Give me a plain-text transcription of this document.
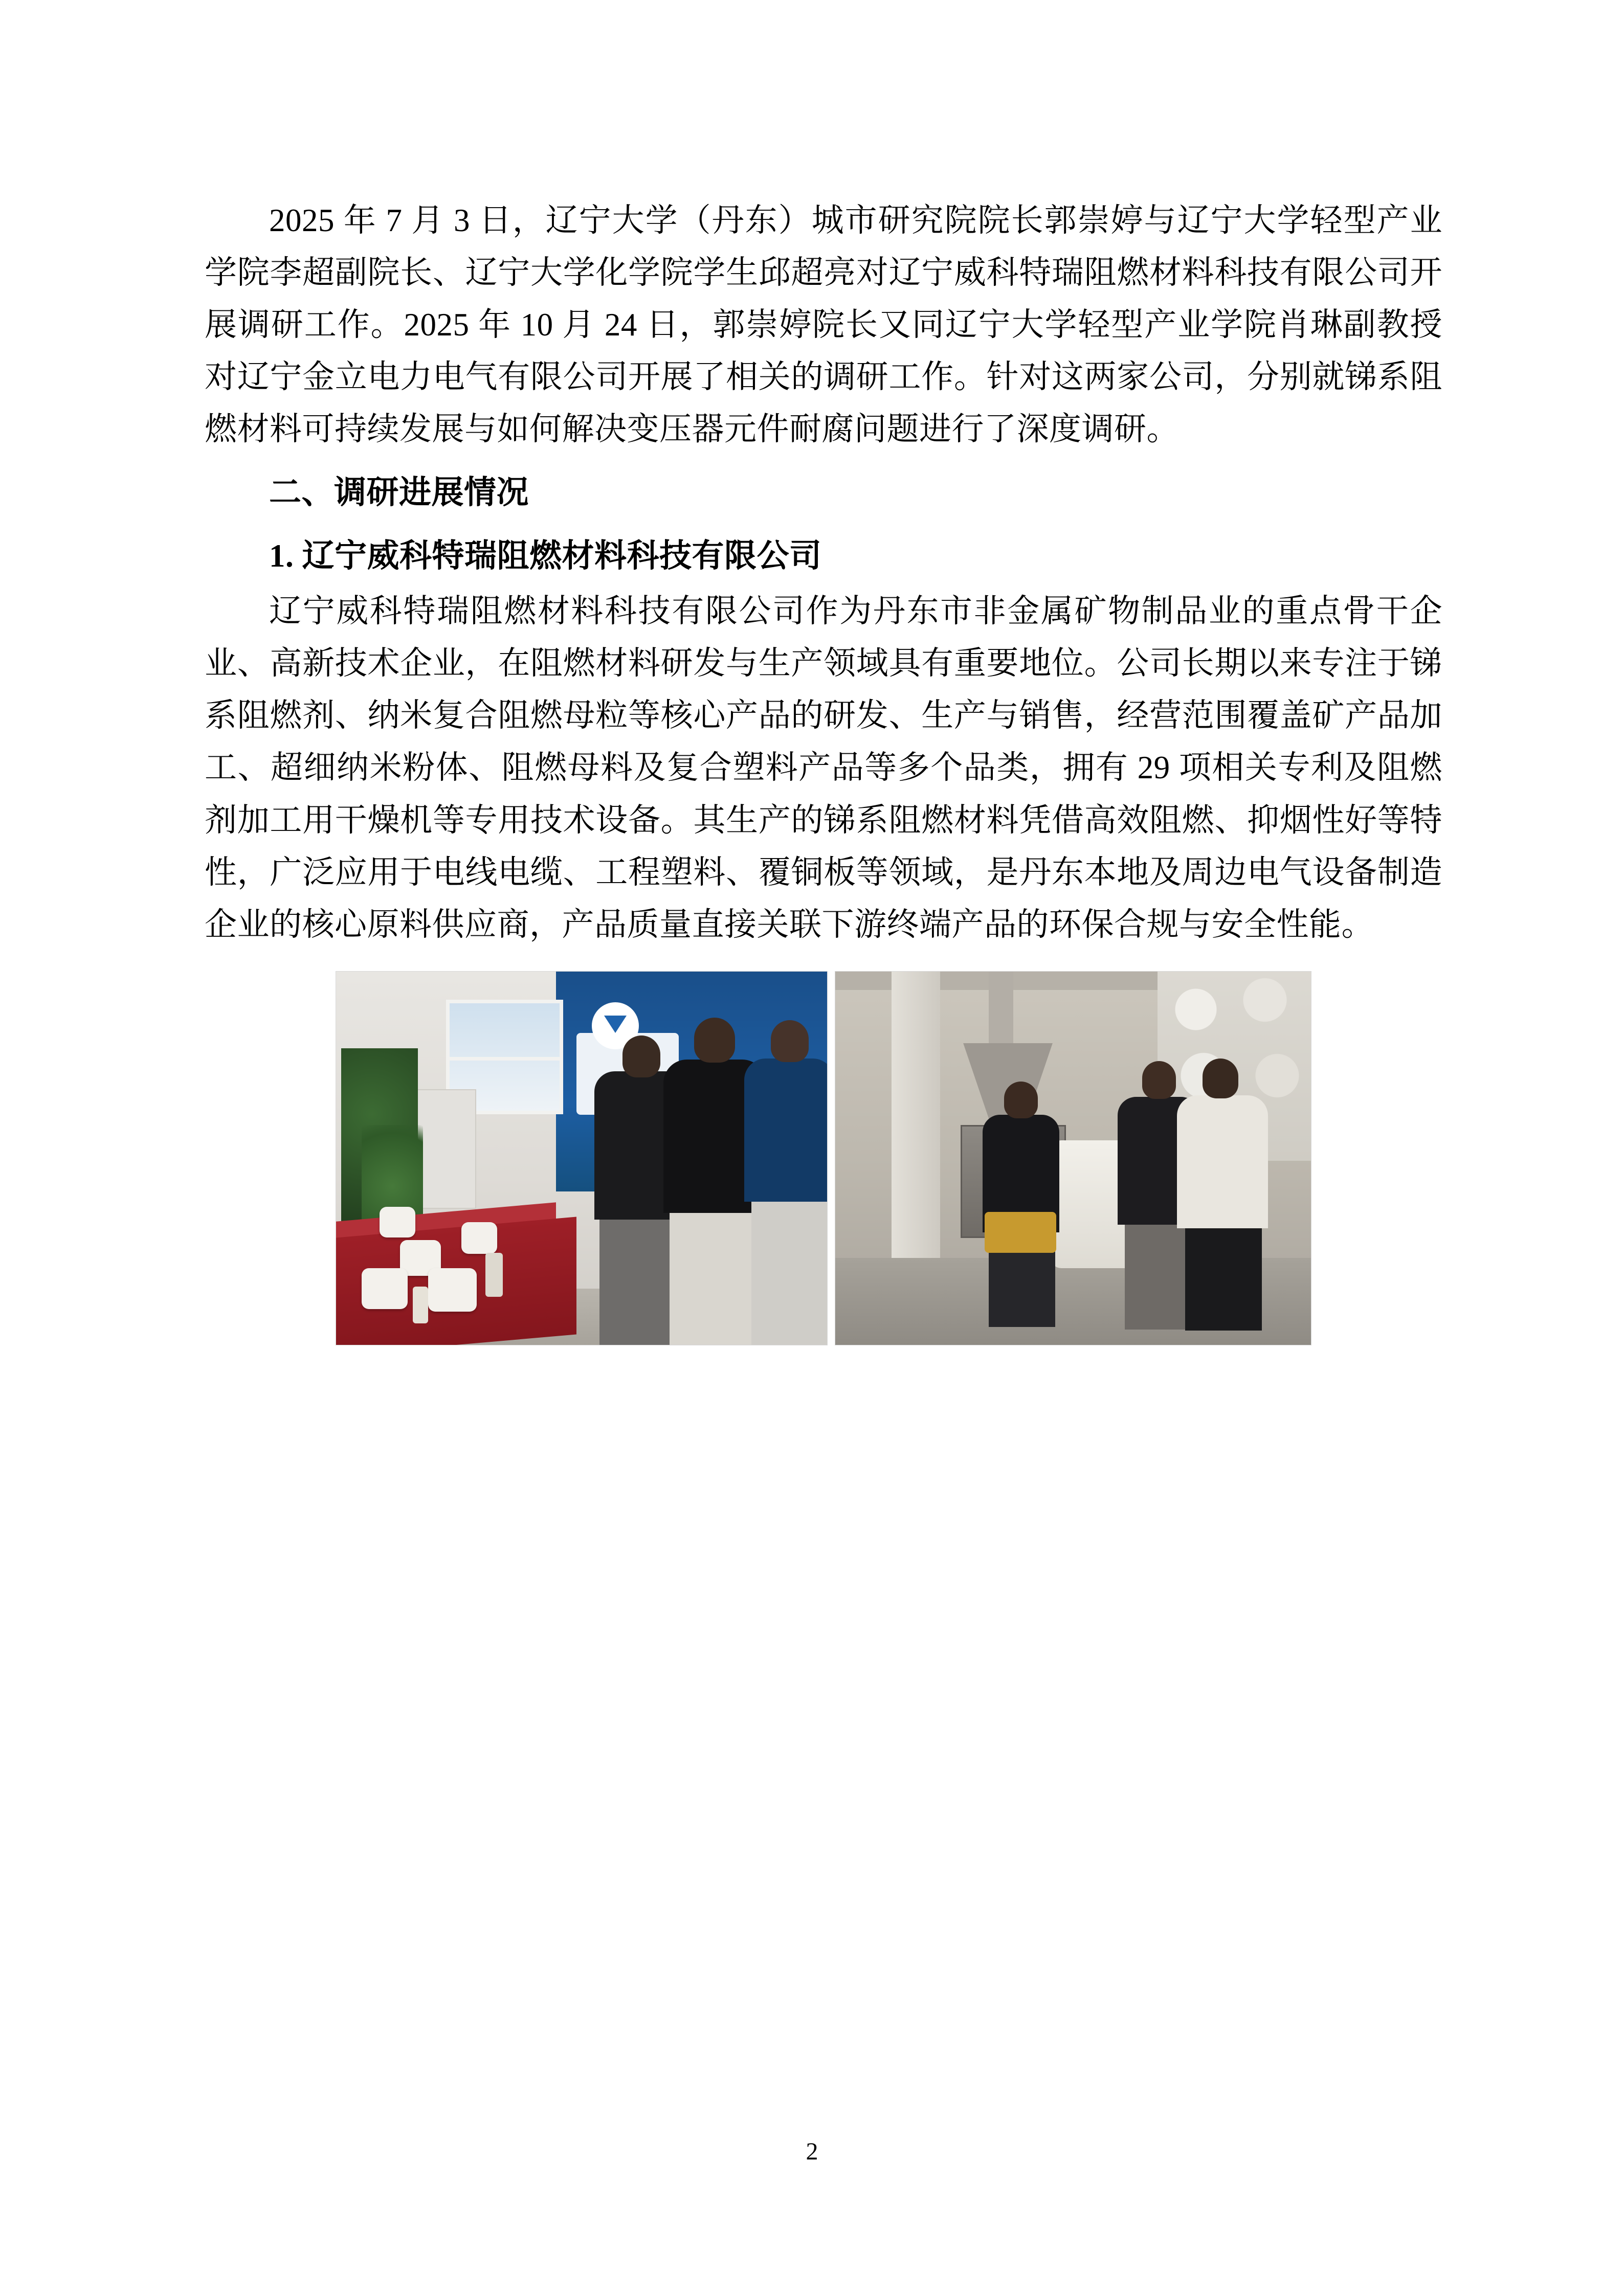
2025 年 7 月 3 日，辽宁大学（丹东）城市研究院院长郭崇婷与辽宁大学轻型产业学院李超副院长、辽宁大学化学院学生邱超亮对辽宁威科特瑞阻燃材料科技有限公司开展调研工作。2025 年 10 月 24 日，郭崇婷院长又同辽宁大学轻型产业学院肖琳副教授对辽宁金立电力电气有限公司开展了相关的调研工作。针对这两家公司，分别就锑系阻燃材料可持续发展与如何解决变压器元件耐腐问题进行了深度调研。

二、调研进展情况

1. 辽宁威科特瑞阻燃材料科技有限公司

辽宁威科特瑞阻燃材料科技有限公司作为丹东市非金属矿物制品业的重点骨干企业、高新技术企业，在阻燃材料研发与生产领域具有重要地位。公司长期以来专注于锑系阻燃剂、纳米复合阻燃母粒等核心产品的研发、生产与销售，经营范围覆盖矿产品加工、超细纳米粉体、阻燃母料及复合塑料产品等多个品类，拥有 29 项相关专利及阻燃剂加工用干燥机等专用技术设备。其生产的锑系阻燃材料凭借高效阻燃、抑烟性好等特性，广泛应用于电线电缆、工程塑料、覆铜板等领域，是丹东本地及周边电气设备制造企业的核心原料供应商，产品质量直接关联下游终端产品的环保合规与安全性能。

2
